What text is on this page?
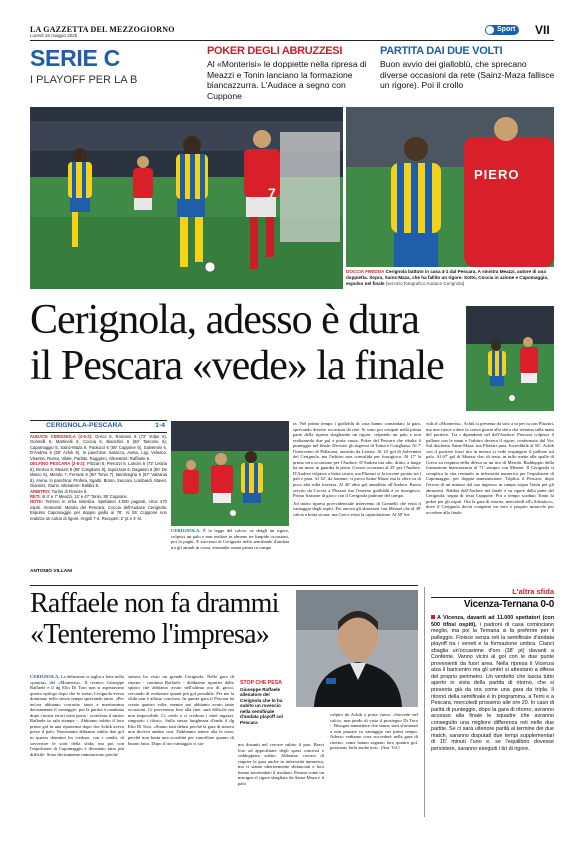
LA GAZZETTA DEL MEZZOGIORNO
Lunedì 26 maggio 2025
Sport	VII
SERIE C
I PLAYOFF PER LA B
POKER DEGLI ABRUZZESI
Al «Monterisi» le doppiette nella ripresa di Meazzi e Tonin lanciano la formazione biancazzurra. L'Audace a segno con Cuppone
PARTITA DAI DUE VOLTI
Buon avvio dei gialloblù, che sprecano diverse occasioni da rete (Sainz-Maza fallisce un rigore). Poi il crollo
7
PIERO
DOCCIA FREDDA Cerignola battuto in casa 4-1 dal Pescara. A sinistra Meazzi, autore di una doppietta. Sopra, Sainz-Maza, che ha fallito un rigore. Sotto, Coccia in azione e Capomaggio, espulso nel finale [servizio fotografico Audace Cerignola]
Cerignola, adesso è dura
il Pescara «vede» la finale
CERIGNOLA-PESCARA	1-4
AUDACE CERIGNOLA (3-5-2): Greco 6, Romano 6 (72' Volpe 6), Gonnelli 6, Martinelli 6, Coccia 6, Bianchini 6 (60' Tascone 6), Capomaggio 5, Sainz-Maza 6, Paolucci 6 (60' Cuppone 6), Salvemini 6, D'Andrea 6 (60' Achik 6). In panchina: Saracco, Aveta, Ligi, Velasco, Visentin, Russo, Vitale, Parlato, Ruggiero. Allenatore: Raffaele 6.
DELFINO PESCARA (3-5-2): Plizzari 6, Pierozzi 6, Lancini 6 (72' Letizia 6), Brosco 6, Meazzi 8 (80' Corigliano 6), Squizzato 6, Dagasso 6 (80' De Marco 6), Merola 7, Ferraris 6 (60' Tonin 7), Bentivegna 6 (67' Valzania 6), Arena. In panchina: Profeta, Sgarbi, Broso, Saccani, Lombardi, Staver, Giannini, Giunti. Allenatore: Baldini 8.
ARBITRO: Turrini di Firenze 6.
RETI: st 4' e 7' Meazzi, 12' e 47' Tonin, 38' Cuppone.
NOTE: Terreno in erba sintetica. Spettatori 4.000 paganti, circa 470 ospiti. Ammoniti: Merola del Pescara, Coccia dell'Audace Cerignola. Espulso Capomaggio per doppio giallo al 78'. Al 55' Cuppone non realizza un calcio di rigore. Angoli 7-4. Recuperi: 2' pt e 4' st.
ANTONIO VILLANI
CERIGNOLA. È la legge del calcio: se sbagli un rigore, colpisci un palo e non realizzi in almeno tre limpide occasioni, poi la paghi. E successo al Cerignola nella semifinale d'andata tra gli attuali in corsa, entrambe ormai prima in campo
ra. Nel primo tempo i gialloblù di casa hanno comandato la gara, sprecando diverse occasioni da rete. Si sono poi sciupati nella prima parte della ripresa sbagliando un rigore, colpendo un palo e non realizzando due gol a porta vuota. Poker del Pescara che ribalta il punteggio nel finale. Decisivi gli ingressi di Tonin e Corigliano. Al 7' l'intervento di Pellacani, assistito da Letizia. Al 14' gol di Salvemini del Cerignola, ma l'arbitro non convalida per fuorigioco. Al 17' la prima vera occasione per l'Audace: D'Andrea tira alto, dritto, a lungo ha un muro in guardia la porta. Grosse occasioni al 25' per l'Audace. D'Andrea colpisce a botta sicura, ma Plizzari si fa trovare pronto tra i pali e para. Al 32', da lontano, ci prova Sainz-Maza, ma la sfera va di poco alta sulla traversa. Al 40' altro gol annullato all'Audace. Russo servito da Coccia a Plizzari ma l'esterno gialloblù è in fuorigioco. Primo frazione di gioco con il Cerignola padrone del campo.
Ad inizio ripresa provvidenziale intervento di Gonnelli che evita il vantaggio degli ospiti. Poi ancora gli abruzzesi con Meazzi che al 49' calcia a botta sicura, ma Greco evita la capitolazione. Al 50' bri-
vidi al «Monterisi». Achik si presenta da solo a tu per tu con Plizzari, ma non riesce a dare la carica giusta alla sfera che termina sulla mani del portiere. Tra i dipendenti nel dell'Audace: Pierozzi colpisce il pallone con le mani e l'arbitro decreta il rigore, confermato dal Var. Sul dischetto Sainz-Maza, ma Plizzari para. Incredibile al 56': Achik con il portiere fuori tira in mezzo si vede respingere il pallone sul palo. Al 67' gol di Meazzi che, di testa, in tuffo mette alle spalle di Greco su respinta della difesa su un tiro di Merola. Raddoppio della formazione biancazzurra al 71' sempre con Meazzi. Il Cerignola si complica la vita restando in inferiorità numerica per l'espulsione di Capomaggio, per doppia ammonizione. Triplica il Pescara: dopo l'errore di un minuto dal suo ingresso in campo segna Tonin per gli abruzzesi. Rabbia dell'Audace nel finale e su rigore dalla parte del Cerignola: segna di testa Cuppone. Poi a tempo scaduto Tonin fa poker per gli ospiti. Ora la gara di ritorno, mercoledì all'«Adriatico», dove il Cerignola dovrà compiere un vero e proprio miracolo per accedere alla finale.
Raffaele non fa drammi
«Tenteremo l'impresa»
STOP CHE PESA
Giuseppe Raffaele allenatore del Cerignola che lo ha subìto un rovescio nella semifinale d'andata playoff col Pescara
CERIGNOLA. La delusione si taglia a fette nella «pancia» del «Monterisi». Il tecnico Giuseppe Raffaele e il dg Elio Di Toro non si aspettavano questo epilogo dopo che lo stesso Cerignola aveva dominato nello stesso tempo sprecando tanto. «Per un'ora abbiamo costruito tanto e meritavamo decisamente il vantaggio, poi la partita è cambiata dopo i nostri errori sotto porta - sconfessa il mister Raffaele in sala stampa -. Abbiamo subìto il loro primo gol in una ripartenza dopo che Achik aveva preso il palo. Nonostante abbiamo subìto due gol in questo dominio ho creduto, con i cambi, di sovvertire le sorti della sfida, ma poi con l'espulsione di Capomaggio è diventato tutto più difficile. Sono decisamente rammaricato perché
stasera ho visto un grande Cerignola. Nella gara di ritorno - continua Raffaele - dobbiamo ripartire dallo spirito che abbiamo avuto nell'ultima ora di gioco, cercando di realizzare quanti più gol possibile. Per me la sfida non è affatto conclusa. In questa gara il Pescara ha creato quattro volte, mentre noi abbiamo avuto tante occasioni. Ci proveremo fino alla fine: sarà difficile ma non impossibile. Ci credo e ci credono i miei ragazzi, ringrazio i tifosi». Sulla stessa lunghezza d'onda il dg Elio Di Toro. «Siamo tutti delusi perché la gara di stasera non doveva andare così. Dobbiamo tenere alta la testa, perché non basta una sconfitta per cancellare quanto di buono fatto. Dopo il tiro vantaggio ci sia-	mo disuniti nel cercare subito il pari. Bravi loro ad approfittare degli spazi concessi e raddoppiare subito. Abbiamo cercato di riaprire la gara anche in inferiorità numerica, ma ci siamo ulteriormente sbilanciati e loro hanno arrotondato il risultato. Pesano come un macigno il rigore sbagliato da Sainz-Maza e il palo
colpito da Achik a porta vuota. «Succede nel calcio, non perdo di vista il prosieguo Di Toro -. Bisogna ammettere che siamo stati sfortunati a non passare in vantaggio nei primi tempo. Adesso vediamo cosa succederà nella gara di ritorno, come hanno segnato loro quattro gol, possiamo farlo anche noi». [Ant. Vil.]
L'altra sfida
Vicenza-Ternana 0-0
A Vicenza, davanti ad 11.000 spettatori (con 500 tifosi ospiti), i padroni di casa cominciano meglio, ma poi la Ternana si fa preferire per il palleggio. Finisce senza reti la semifinale d'andata playoff tra i veneti e la formazione umbra. Cianci sbaglia un'occasione d'oro (38' pt) davanti a Confente. Vanno vicini al gol con le due punte provenienti da fuori area. Nella ripresa il Vicenza alza il baricentro ma gli umbri si attestano a difesa del proprio perimetro. Un verdetto che lascia tutto aperto in vista della partita di ritorno, che si presenta già da ora come una gara da tripla. Il ritorno della semifinale è in programma, a Terni e a Pescara, mercoledì prossimo alle ore 20. In caso di parità di punteggio, dopo la gara di ritorno, avranno accesso alla finale le squadre che avranno conseguito una migliore differenza reti nelle due partite. Se ci sarà ulteriore parità al termine dei due match, saranno disputati due tempi supplementari di 15' minuti l'uno e, se l'equilibrio dovesse persistere, saranno eseguiti i tiri di rigore.
